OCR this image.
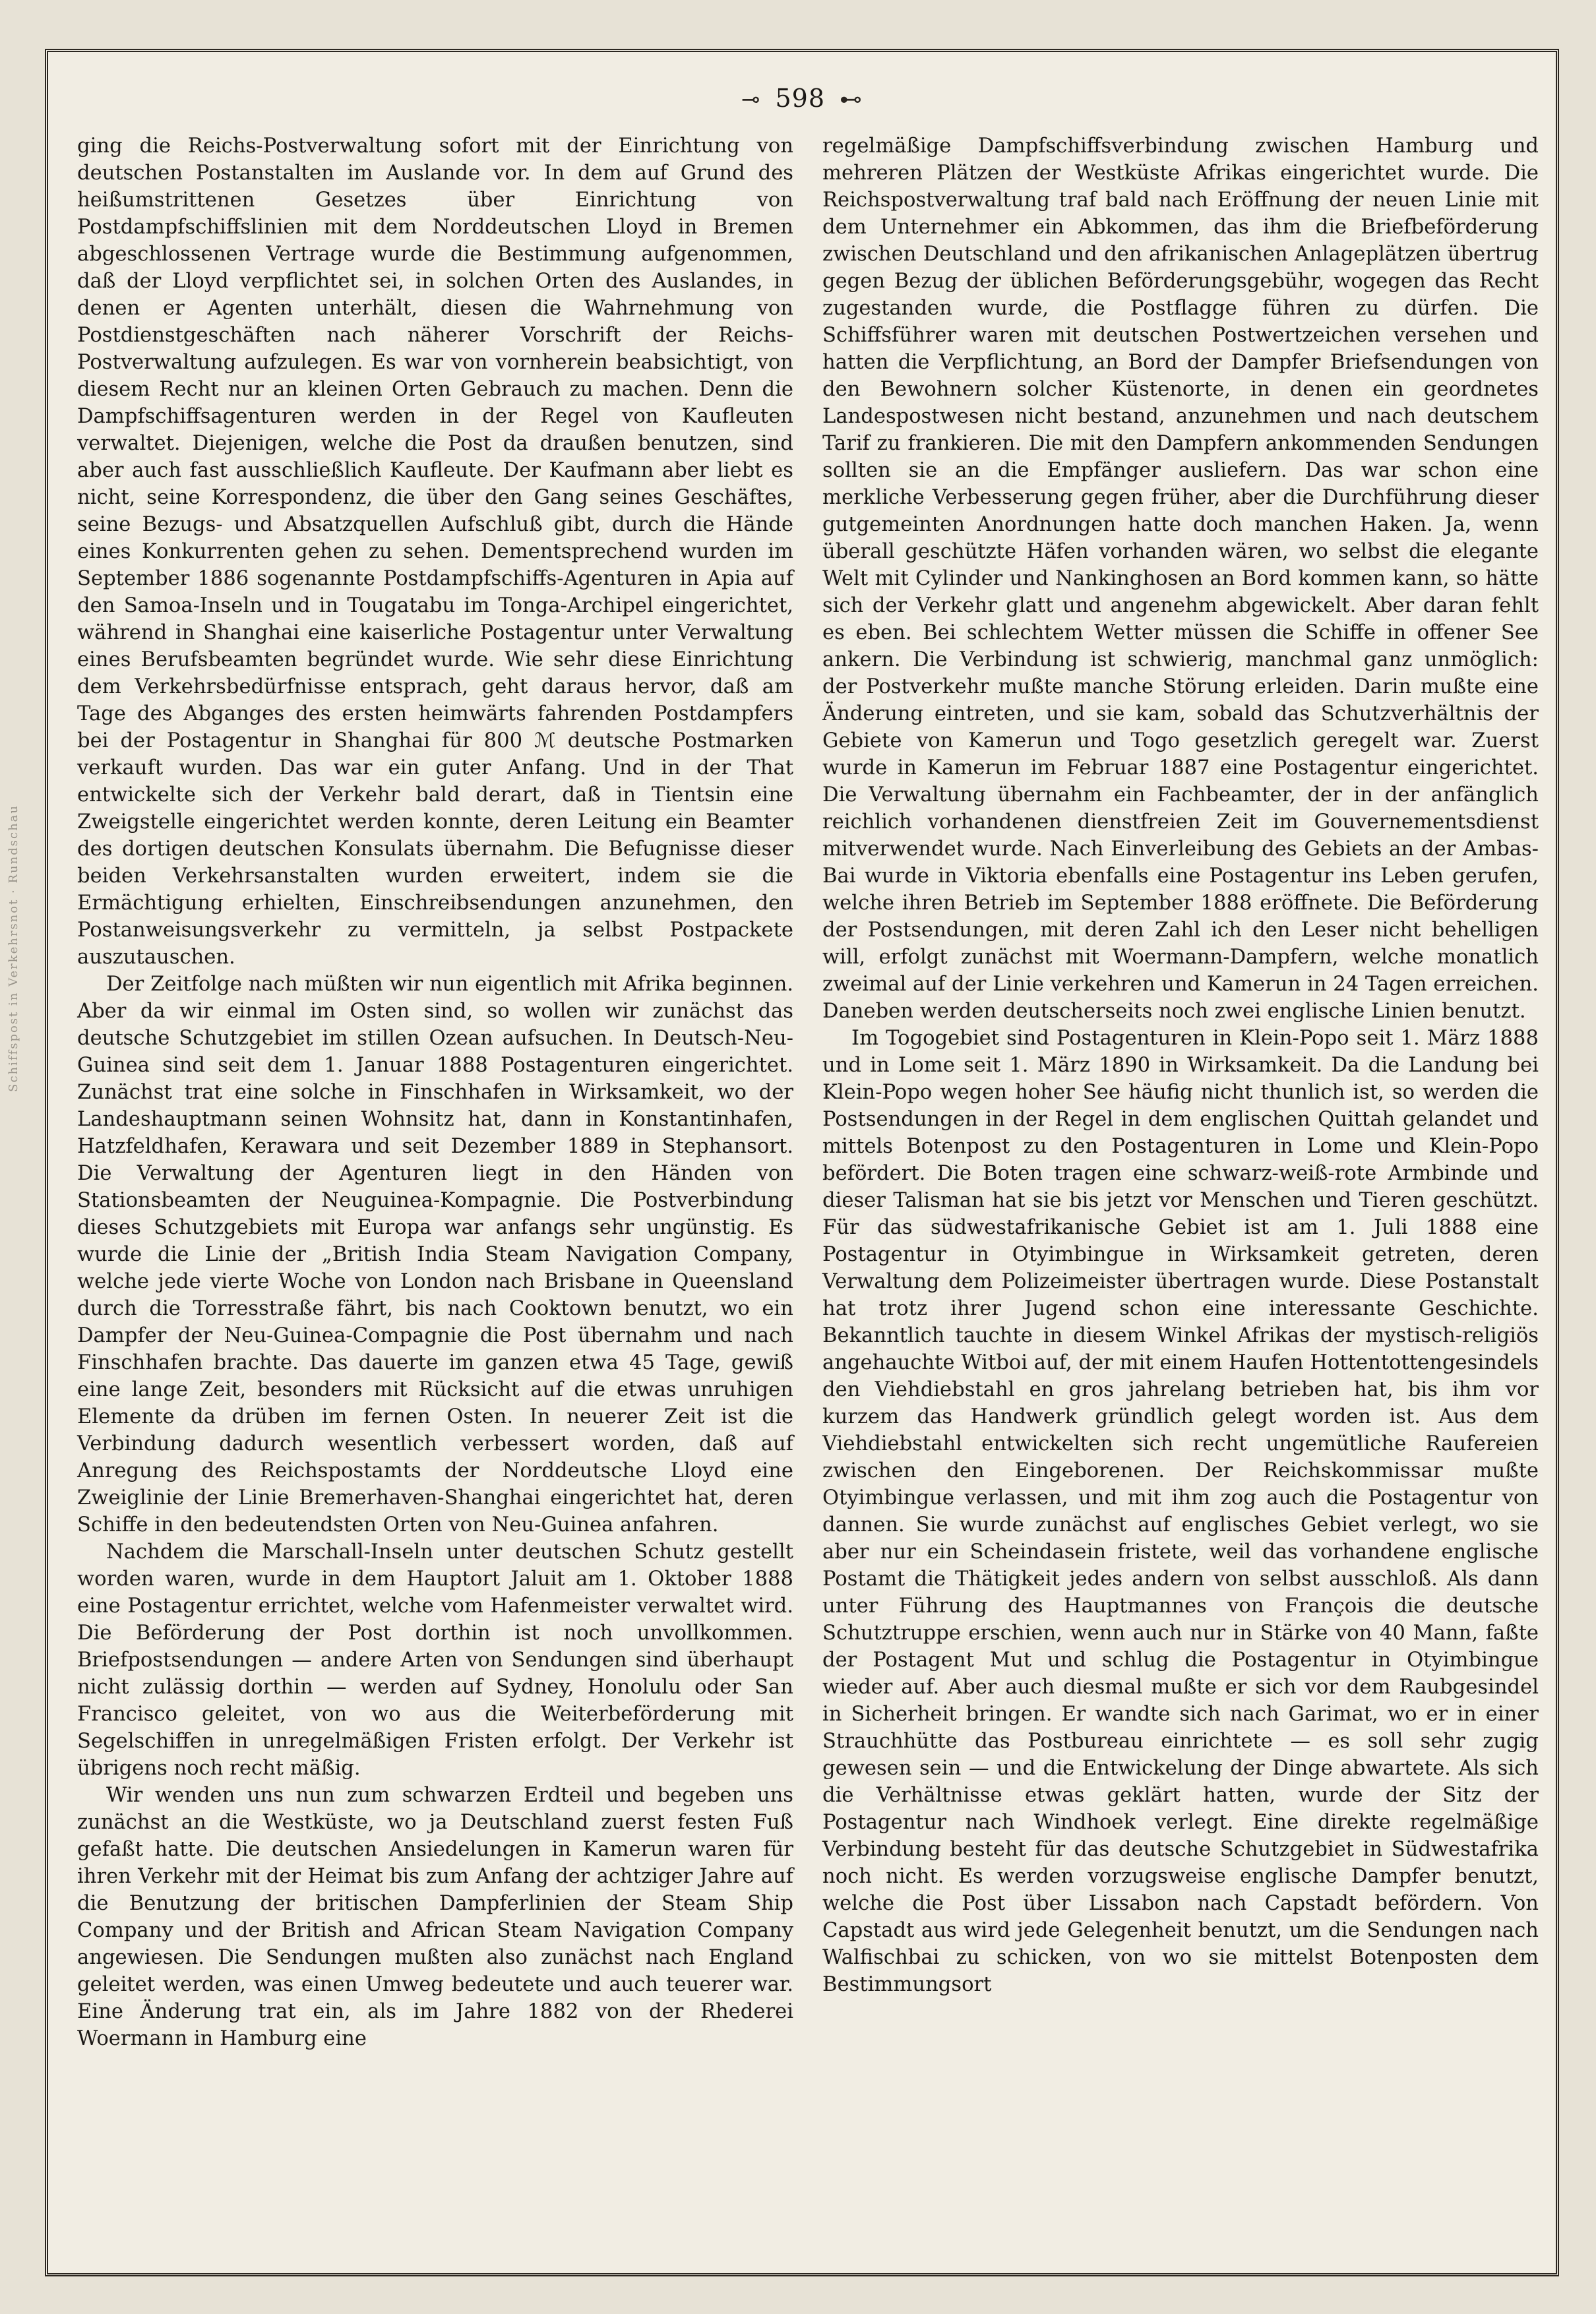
⊸ 598 ⊷

ging die Reichs-Postverwaltung sofort mit der Einrichtung von deutschen Postanstalten im Auslande vor. In dem auf Grund des heißumstrittenen Gesetzes über Einrichtung von Postdampfschiffslinien mit dem Norddeutschen Lloyd in Bremen abgeschlossenen Vertrage wurde die Bestimmung aufgenommen, daß der Lloyd verpflichtet sei, in solchen Orten des Auslandes, in denen er Agenten unterhält, diesen die Wahrnehmung von Postdienstgeschäften nach näherer Vorschrift der Reichs-Postverwaltung aufzulegen. Es war von vornherein beabsichtigt, von diesem Recht nur an kleinen Orten Gebrauch zu machen. Denn die Dampfschiffsagenturen werden in der Regel von Kaufleuten verwaltet. Diejenigen, welche die Post da draußen benutzen, sind aber auch fast ausschließlich Kaufleute. Der Kaufmann aber liebt es nicht, seine Korrespondenz, die über den Gang seines Geschäftes, seine Bezugs- und Absatzquellen Aufschluß gibt, durch die Hände eines Konkurrenten gehen zu sehen. Dementsprechend wurden im September 1886 sogenannte Postdampfschiffs-Agenturen in Apia auf den Samoa-Inseln und in Tougatabu im Tonga-Archipel eingerichtet, während in Shanghai eine kaiserliche Postagentur unter Verwaltung eines Berufsbeamten begründet wurde. Wie sehr diese Einrichtung dem Verkehrsbedürfnisse entsprach, geht daraus hervor, daß am Tage des Abganges des ersten heimwärts fahrenden Postdampfers bei der Postagentur in Shanghai für 800 ℳ deutsche Postmarken verkauft wurden. Das war ein guter Anfang. Und in der That entwickelte sich der Verkehr bald derart, daß in Tientsin eine Zweigstelle eingerichtet werden konnte, deren Leitung ein Beamter des dortigen deutschen Konsulats übernahm. Die Befugnisse dieser beiden Verkehrsanstalten wurden erweitert, indem sie die Ermächtigung erhielten, Einschreibsendungen anzunehmen, den Postanweisungsverkehr zu vermitteln, ja selbst Postpackete auszutauschen.

Der Zeitfolge nach müßten wir nun eigentlich mit Afrika beginnen. Aber da wir einmal im Osten sind, so wollen wir zunächst das deutsche Schutzgebiet im stillen Ozean aufsuchen. In Deutsch-Neu-Guinea sind seit dem 1. Januar 1888 Postagenturen eingerichtet. Zunächst trat eine solche in Finschhafen in Wirksamkeit, wo der Landeshauptmann seinen Wohnsitz hat, dann in Konstantinhafen, Hatzfeldhafen, Kerawara und seit Dezember 1889 in Stephansort. Die Verwaltung der Agenturen liegt in den Händen von Stationsbeamten der Neuguinea-Kompagnie. Die Postverbindung dieses Schutzgebiets mit Europa war anfangs sehr ungünstig. Es wurde die Linie der „British India Steam Navigation Company, welche jede vierte Woche von London nach Brisbane in Queensland durch die Torresstraße fährt, bis nach Cooktown benutzt, wo ein Dampfer der Neu-Guinea-Compagnie die Post übernahm und nach Finschhafen brachte. Das dauerte im ganzen etwa 45 Tage, gewiß eine lange Zeit, besonders mit Rücksicht auf die etwas unruhigen Elemente da drüben im fernen Osten. In neuerer Zeit ist die Verbindung dadurch wesentlich verbessert worden, daß auf Anregung des Reichspostamts der Norddeutsche Lloyd eine Zweiglinie der Linie Bremerhaven-Shanghai eingerichtet hat, deren Schiffe in den bedeutendsten Orten von Neu-Guinea anfahren.

Nachdem die Marschall-Inseln unter deutschen Schutz gestellt worden waren, wurde in dem Hauptort Jaluit am 1. Oktober 1888 eine Postagentur errichtet, welche vom Hafenmeister verwaltet wird. Die Beförderung der Post dorthin ist noch unvollkommen. Briefpostsendungen — andere Arten von Sendungen sind überhaupt nicht zulässig dorthin — werden auf Sydney, Honolulu oder San Francisco geleitet, von wo aus die Weiterbeförderung mit Segelschiffen in unregelmäßigen Fristen erfolgt. Der Verkehr ist übrigens noch recht mäßig.

Wir wenden uns nun zum schwarzen Erdteil und begeben uns zunächst an die Westküste, wo ja Deutschland zuerst festen Fuß gefaßt hatte. Die deutschen Ansiedelungen in Kamerun waren für ihren Verkehr mit der Heimat bis zum Anfang der achtziger Jahre auf die Benutzung der britischen Dampferlinien der Steam Ship Company und der British and African Steam Navigation Company angewiesen. Die Sendungen mußten also zunächst nach England geleitet werden, was einen Umweg bedeutete und auch teuerer war. Eine Änderung trat ein, als im Jahre 1882 von der Rhederei Woermann in Hamburg eine

regelmäßige Dampfschiffsverbindung zwischen Hamburg und mehreren Plätzen der Westküste Afrikas eingerichtet wurde. Die Reichspostverwaltung traf bald nach Eröffnung der neuen Linie mit dem Unternehmer ein Abkommen, das ihm die Briefbeförderung zwischen Deutschland und den afrikanischen Anlageplätzen übertrug gegen Bezug der üblichen Beförderungsgebühr, wogegen das Recht zugestanden wurde, die Postflagge führen zu dürfen. Die Schiffsführer waren mit deutschen Postwertzeichen versehen und hatten die Verpflichtung, an Bord der Dampfer Briefsendungen von den Bewohnern solcher Küstenorte, in denen ein geordnetes Landespostwesen nicht bestand, anzunehmen und nach deutschem Tarif zu frankieren. Die mit den Dampfern ankommenden Sendungen sollten sie an die Empfänger ausliefern. Das war schon eine merkliche Verbesserung gegen früher, aber die Durchführung dieser gutgemeinten Anordnungen hatte doch manchen Haken. Ja, wenn überall geschützte Häfen vorhanden wären, wo selbst die elegante Welt mit Cylinder und Nankinghosen an Bord kommen kann, so hätte sich der Verkehr glatt und angenehm abgewickelt. Aber daran fehlt es eben. Bei schlechtem Wetter müssen die Schiffe in offener See ankern. Die Verbindung ist schwierig, manchmal ganz unmöglich: der Postverkehr mußte manche Störung erleiden. Darin mußte eine Änderung eintreten, und sie kam, sobald das Schutzverhältnis der Gebiete von Kamerun und Togo gesetzlich geregelt war. Zuerst wurde in Kamerun im Februar 1887 eine Postagentur eingerichtet. Die Verwaltung übernahm ein Fachbeamter, der in der anfänglich reichlich vorhandenen dienstfreien Zeit im Gouvernementsdienst mitverwendet wurde. Nach Einverleibung des Gebiets an der Ambas-Bai wurde in Viktoria ebenfalls eine Postagentur ins Leben gerufen, welche ihren Betrieb im September 1888 eröffnete. Die Beförderung der Postsendungen, mit deren Zahl ich den Leser nicht behelligen will, erfolgt zunächst mit Woermann-Dampfern, welche monatlich zweimal auf der Linie verkehren und Kamerun in 24 Tagen erreichen. Daneben werden deutscherseits noch zwei englische Linien benutzt.

Im Togogebiet sind Postagenturen in Klein-Popo seit 1. März 1888 und in Lome seit 1. März 1890 in Wirksamkeit. Da die Landung bei Klein-Popo wegen hoher See häufig nicht thunlich ist, so werden die Postsendungen in der Regel in dem englischen Quittah gelandet und mittels Botenpost zu den Postagenturen in Lome und Klein-Popo befördert. Die Boten tragen eine schwarz-weiß-rote Armbinde und dieser Talisman hat sie bis jetzt vor Menschen und Tieren geschützt. Für das südwestafrikanische Gebiet ist am 1. Juli 1888 eine Postagentur in Otyimbingue in Wirksamkeit getreten, deren Verwaltung dem Polizeimeister übertragen wurde. Diese Postanstalt hat trotz ihrer Jugend schon eine interessante Geschichte. Bekanntlich tauchte in diesem Winkel Afrikas der mystisch-religiös angehauchte Witboi auf, der mit einem Haufen Hottentottengesindels den Viehdiebstahl en gros jahrelang betrieben hat, bis ihm vor kurzem das Handwerk gründlich gelegt worden ist. Aus dem Viehdiebstahl entwickelten sich recht ungemütliche Raufereien zwischen den Eingeborenen. Der Reichskommissar mußte Otyimbingue verlassen, und mit ihm zog auch die Postagentur von dannen. Sie wurde zunächst auf englisches Gebiet verlegt, wo sie aber nur ein Scheindasein fristete, weil das vorhandene englische Postamt die Thätigkeit jedes andern von selbst ausschloß. Als dann unter Führung des Hauptmannes von François die deutsche Schutztruppe erschien, wenn auch nur in Stärke von 40 Mann, faßte der Postagent Mut und schlug die Postagentur in Otyimbingue wieder auf. Aber auch diesmal mußte er sich vor dem Raubgesindel in Sicherheit bringen. Er wandte sich nach Garimat, wo er in einer Strauchhütte das Postbureau einrichtete — es soll sehr zugig gewesen sein — und die Entwickelung der Dinge abwartete. Als sich die Verhältnisse etwas geklärt hatten, wurde der Sitz der Postagentur nach Windhoek verlegt. Eine direkte regelmäßige Verbindung besteht für das deutsche Schutzgebiet in Südwestafrika noch nicht. Es werden vorzugsweise englische Dampfer benutzt, welche die Post über Lissabon nach Capstadt befördern. Von Capstadt aus wird jede Gelegenheit benutzt, um die Sendungen nach Walfischbai zu schicken, von wo sie mittelst Botenposten dem Bestimmungsort

Schiffspost in Verkehrsnot · Rundschau
